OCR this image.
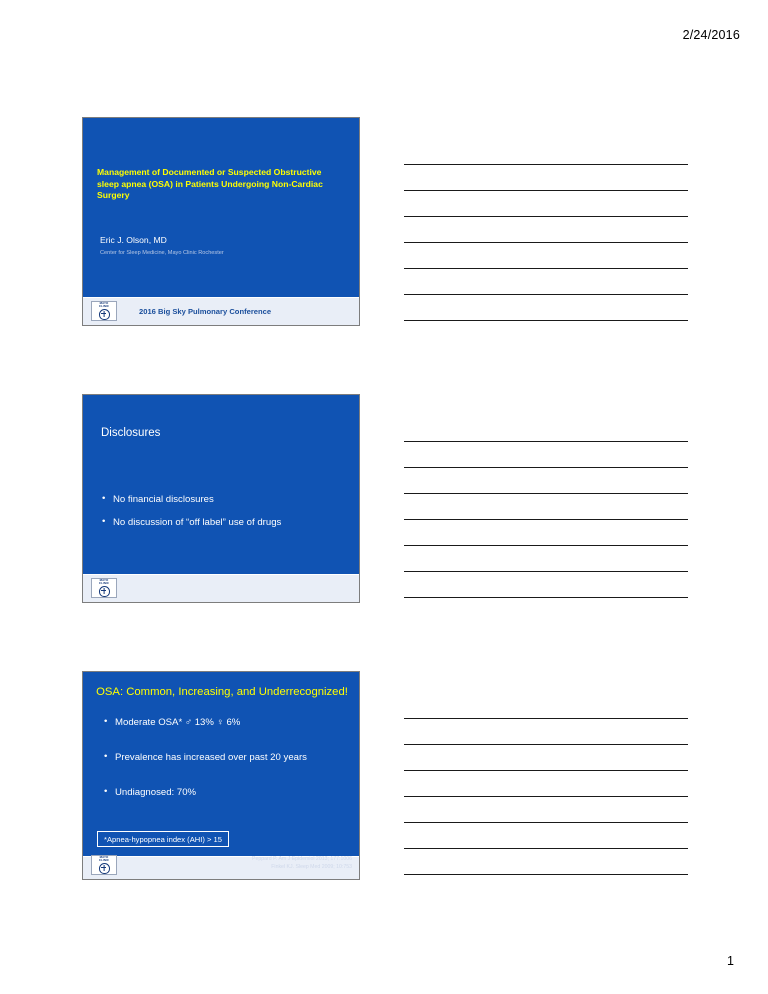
2/24/2016
Management of Documented or Suspected Obstructive sleep apnea (OSA) in Patients Undergoing Non-Cardiac Surgery
Eric J. Olson, MD
Center for Sleep Medicine, Mayo Clinic Rochester
MAYO
CLINIC
2016 Big Sky Pulmonary Conference
Disclosures
• No financial disclosures
• No discussion of “off label” use of drugs
MAYO
CLINIC
OSA: Common, Increasing, and Underrecognized!
• Moderate OSA* ♂ 13% ♀ 6%
• Prevalence has increased over past 20 years
• Undiagnosed: 70%
*Apnea-hypopnea index (AHI) > 15
Peppard P. Am J Epidemiol 2013; 177:1006
Finkel KJ. Sleep Med 2009; 10:753
MAYO
CLINIC
1
